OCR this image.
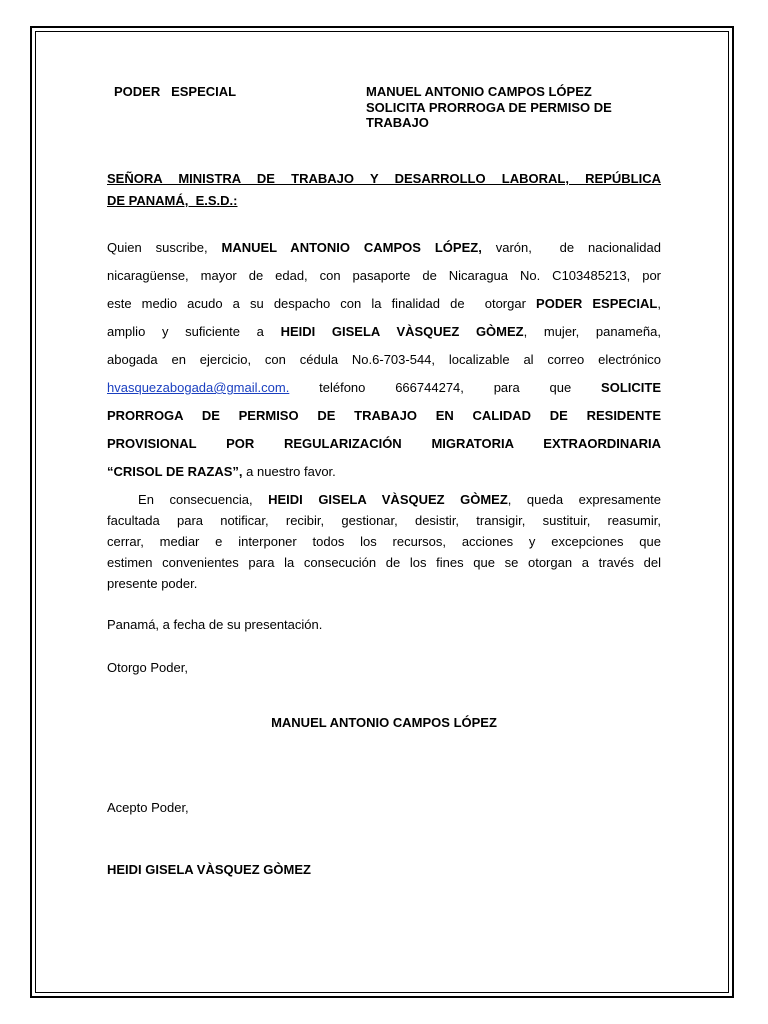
PODER   ESPECIAL	MANUEL ANTONIO CAMPOS LÓPEZ
SOLICITA PRORROGA DE PERMISO DE
TRABAJO
SEÑORA MINISTRA DE TRABAJO Y DESARROLLO LABORAL, REPÚBLICA
DE PANAMÁ,  E.S.D.:
Quien suscribe, MANUEL ANTONIO CAMPOS LÓPEZ, varón,  de nacionalidad
nicaragüense, mayor de edad, con pasaporte de Nicaragua No. C103485213, por
este medio acudo a su despacho con la finalidad de  otorgar PODER ESPECIAL,
amplio y suficiente a HEIDI GISELA VÀSQUEZ GÒMEZ, mujer, panameña,
abogada en ejercicio, con cédula No.6-703-544, localizable al correo electrónico
hvasquezabogada@gmail.com. teléfono 666744274, para que SOLICITE
PRORROGA DE PERMISO DE TRABAJO EN CALIDAD DE RESIDENTE
PROVISIONAL POR REGULARIZACIÓN MIGRATORIA EXTRAORDINARIA
“CRISOL DE RAZAS”, a nuestro favor.
En consecuencia, HEIDI GISELA VÀSQUEZ GÒMEZ, queda expresamente
facultada para notificar, recibir, gestionar, desistir, transigir, sustituir, reasumir,
cerrar, mediar e interponer todos los recursos, acciones y excepciones que
estimen convenientes para la consecución de los fines que se otorgan a través del
presente poder.
Panamá, a fecha de su presentación.
Otorgo Poder,
MANUEL ANTONIO CAMPOS LÓPEZ
Acepto Poder,
HEIDI GISELA VÀSQUEZ GÒMEZ
